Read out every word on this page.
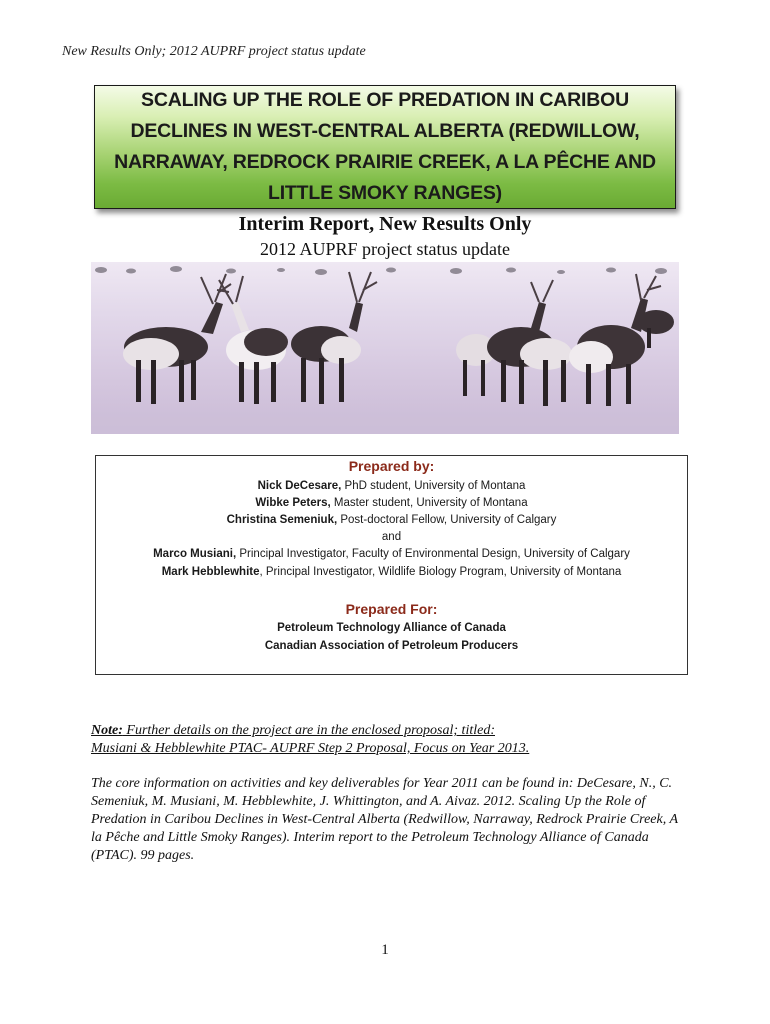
New Results Only; 2012 AUPRF project status update
SCALING UP THE ROLE OF PREDATION IN CARIBOU DECLINES IN WEST-CENTRAL ALBERTA (REDWILLOW, NARRAWAY, REDROCK PRAIRIE CREEK, A LA PÊCHE AND LITTLE SMOKY RANGES)
Interim Report, New Results Only
2012 AUPRF project status update
Prepared by:
Nick DeCesare, PhD student, University of Montana
Wibke Peters, Master student, University of Montana
Christina Semeniuk, Post-doctoral Fellow, University of Calgary
and
Marco Musiani, Principal Investigator, Faculty of Environmental Design, University of Calgary
Mark Hebblewhite, Principal Investigator, Wildlife Biology Program, University of Montana
Prepared For:
Petroleum Technology Alliance of Canada
Canadian Association of Petroleum Producers
Note: Further details on the project are in the enclosed proposal; titled:
Musiani & Hebblewhite PTAC- AUPRF Step 2 Proposal, Focus on Year 2013.
The core information on activities and key deliverables for Year 2011 can be found in: DeCesare, N., C. Semeniuk, M. Musiani, M. Hebblewhite, J. Whittington, and A. Aivaz. 2012. Scaling Up the Role of Predation in Caribou Declines in West-Central Alberta (Redwillow, Narraway, Redrock Prairie Creek, A la Pêche and Little Smoky Ranges). Interim report to the Petroleum Technology Alliance of Canada (PTAC). 99 pages.
1
